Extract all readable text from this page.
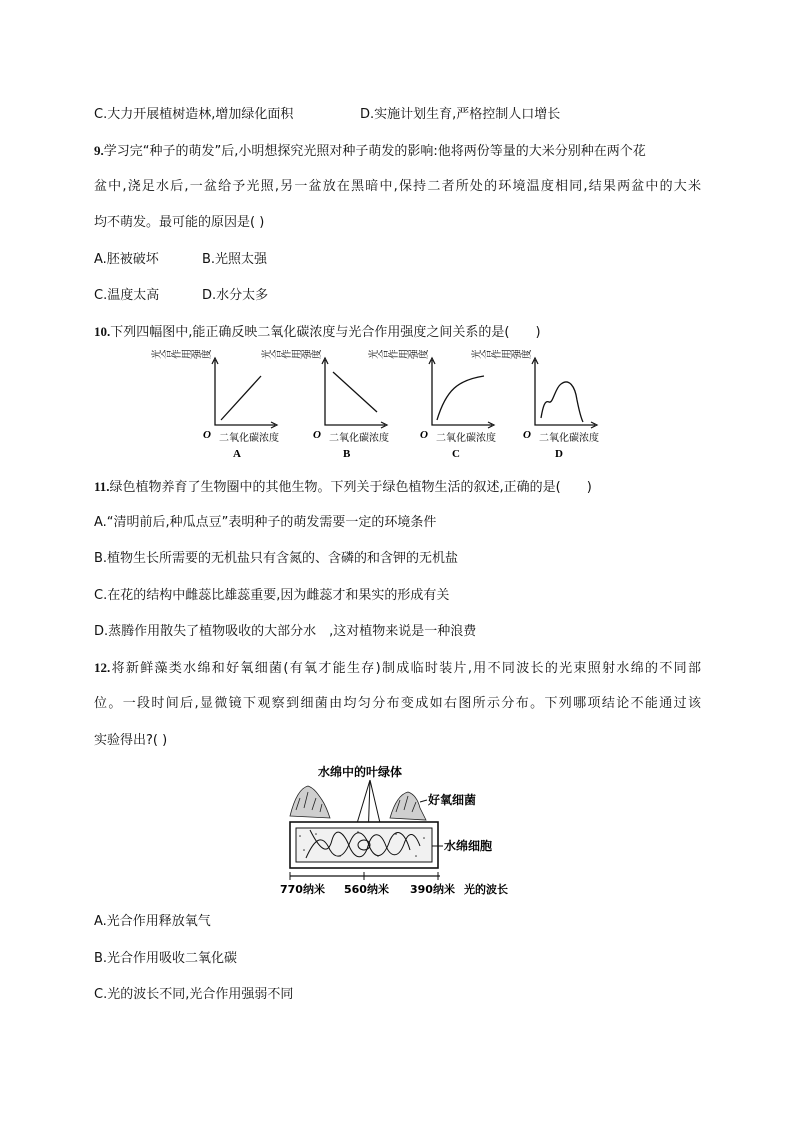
C.大力开展植树造林,增加绿化面积	D.实施计划生育,严格控制人口增长
9.学习完“种子的萌发”后,小明想探究光照对种子萌发的影响:他将两份等量的大米分别种在两个花
盆中,浇足水后,一盆给予光照,另一盆放在黑暗中,保持二者所处的环境温度相同,结果两盆中的大米
均不萌发。最可能的原因是( )
A.胚被破坏	B.光照太强
C.温度太高	D.水分太多
10.下列四幅图中,能正确反映二氧化碳浓度与光合作用强度之间关系的是(　　)
光合作用强度
O 二氧化碳浓度
A
光合作用强度
O 二氧化碳浓度
B
光合作用强度
O 二氧化碳浓度
C
光合作用强度
O 二氧化碳浓度
D
11.绿色植物养育了生物圈中的其他生物。下列关于绿色植物生活的叙述,正确的是(　　)
A.“清明前后,种瓜点豆”表明种子的萌发需要一定的环境条件
B.植物生长所需要的无机盐只有含氮的、含磷的和含钾的无机盐
C.在花的结构中雌蕊比雄蕊重要,因为雌蕊才和果实的形成有关
D.蒸腾作用散失了植物吸收的大部分水　,这对植物来说是一种浪费
12.将新鲜藻类水绵和好氧细菌(有氧才能生存)制成临时装片,用不同波长的光束照射水绵的不同部
位。一段时间后,显微镜下观察到细菌由均匀分布变成如右图所示分布。下列哪项结论不能通过该
实验得出?( )
水绵中的叶绿体
好氧细菌
水绵细胞
770纳米 560纳米 390纳米 光的波长
A.光合作用释放氧气
B.光合作用吸收二氧化碳
C.光的波长不同,光合作用强弱不同
